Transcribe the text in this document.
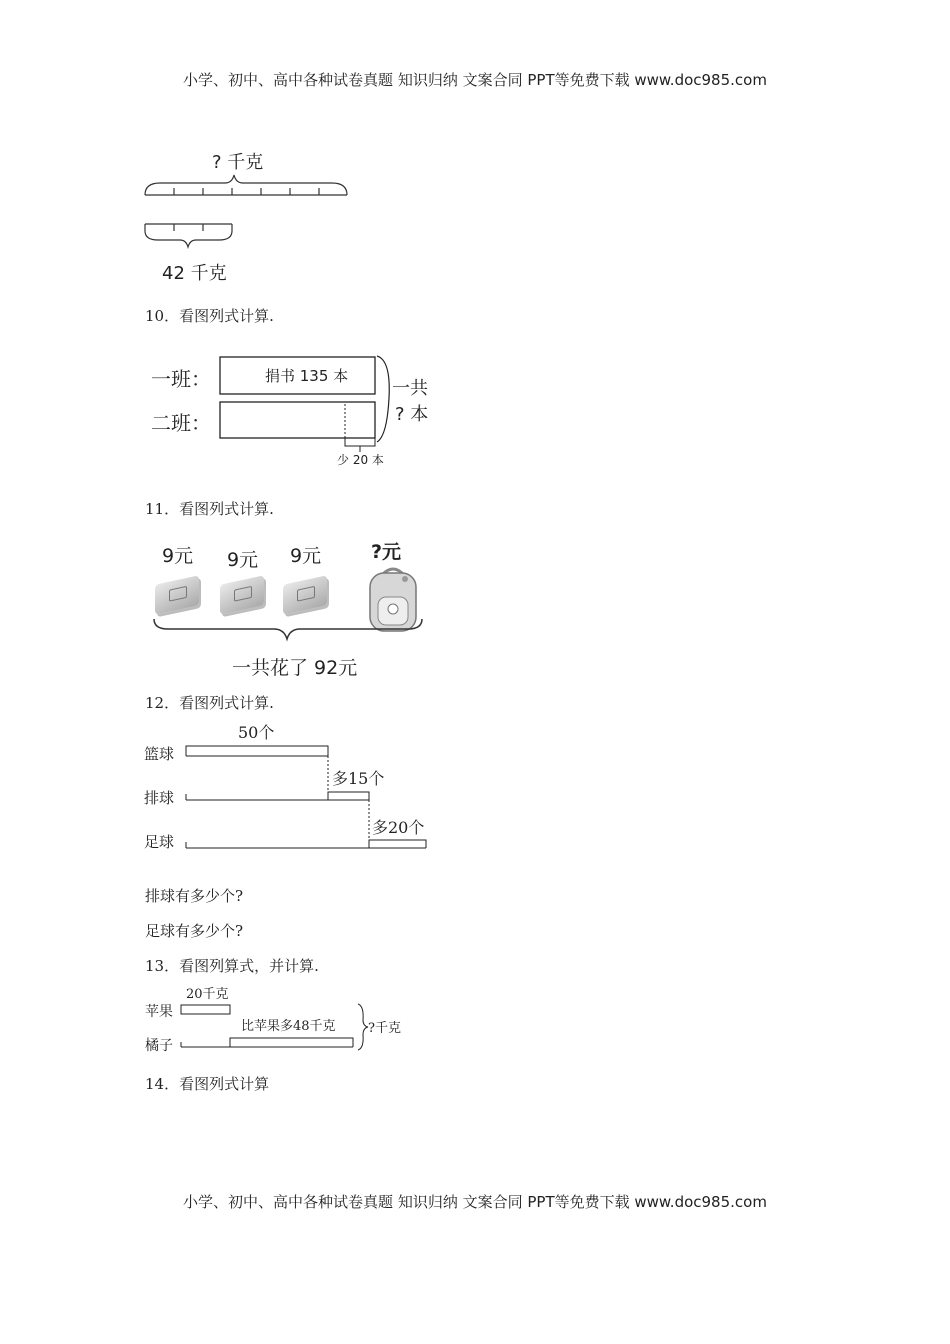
小学、初中、高中各种试卷真题 知识归纳 文案合同 PPT等免费下载 www.doc985.com
? 千克
42 千克
10．看图列式计算.
一班：
二班：
捐书 135 本
少 20 本
一共
? 本
11．看图列式计算.
9元 9元 9元	?元
一共花了 92元
12．看图列式计算.
篮球
排球
足球
50个
多15个
多20个
排球有多少个?
足球有多少个?
13．看图列算式，并计算.
苹果
橘子
20千克
比苹果多48千克 ?千克
14．看图列式计算
小学、初中、高中各种试卷真题 知识归纳 文案合同 PPT等免费下载 www.doc985.com
